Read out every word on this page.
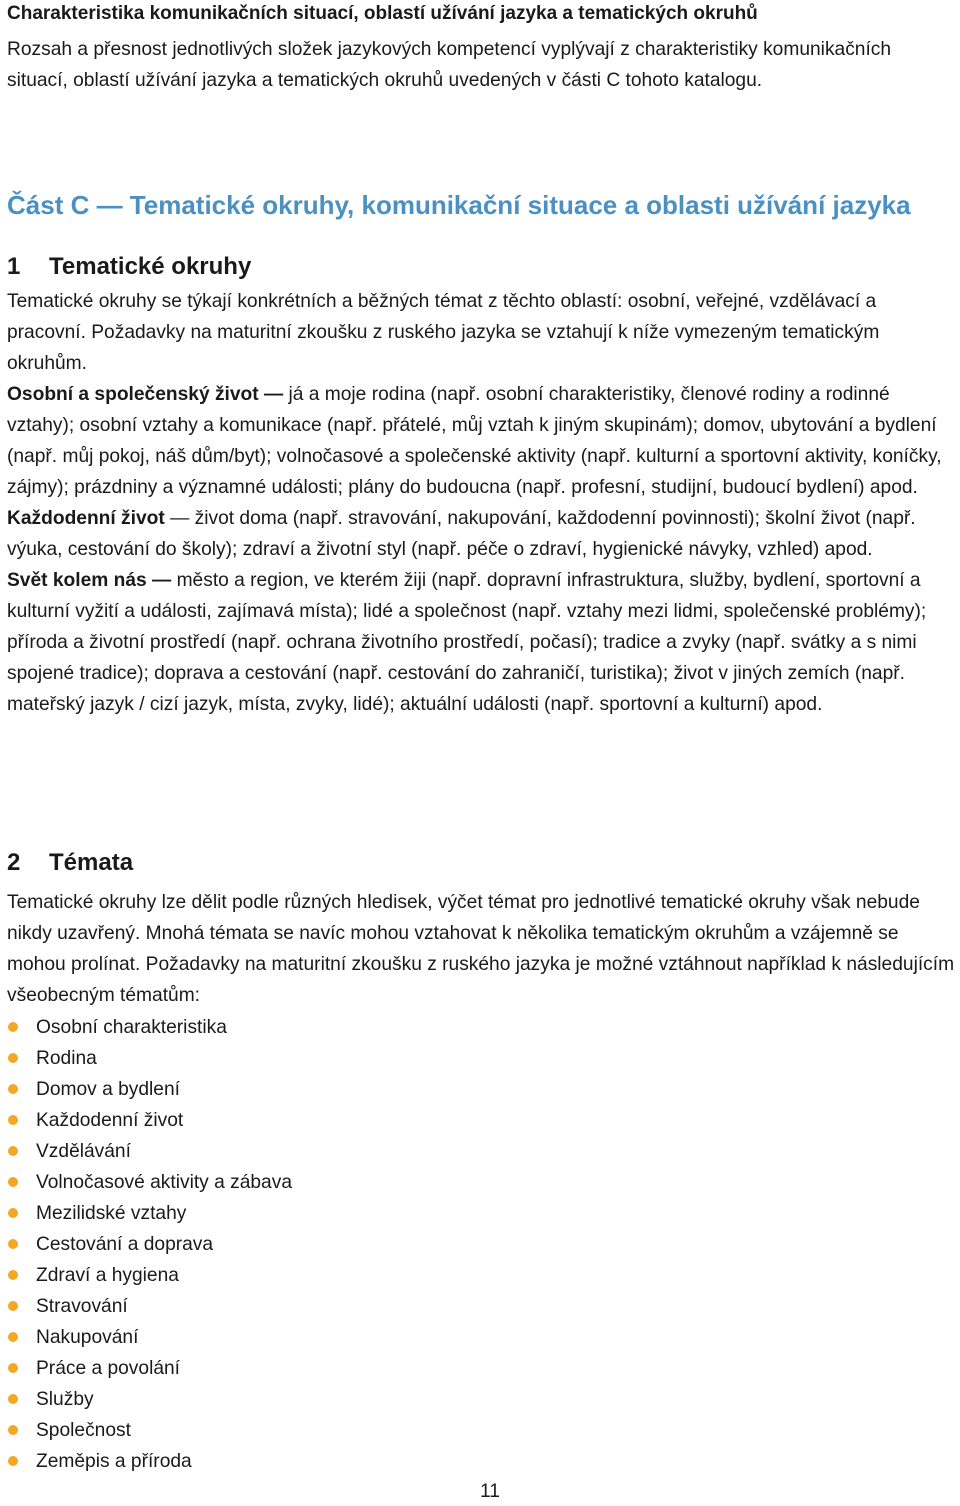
Charakteristika komunikačních situací, oblastí užívání jazyka a tematických okruhů

Rozsah a přesnost jednotlivých složek jazykových kompetencí vyplývají z charakteristiky komunikačních situací, oblastí užívání jazyka a tematických okruhů uvedených v části C tohoto katalogu.

Část C — Tematické okruhy, komunikační situace a oblasti užívání jazyka
1 Tematické okruhy

Tematické okruhy se týkají konkrétních a běžných témat z těchto oblastí: osobní, veřejné, vzdělávací a pracovní. Požadavky na maturitní zkoušku z ruského jazyka se vztahují k níže vymezeným tematickým okruhům.

Osobní a společenský život — já a moje rodina (např. osobní charakteristiky, členové rodiny a rodinné vztahy); osobní vztahy a komunikace (např. přátelé, můj vztah k jiným skupinám); domov, ubytování a bydlení (např. můj pokoj, náš dům/byt); volnočasové a společenské aktivity (např. kulturní a sportovní aktivity, koníčky, zájmy); prázdniny a významné události; plány do budoucna (např. profesní, studijní, budoucí bydlení) apod.

Každodenní život — život doma (např. stravování, nakupování, každodenní povinnosti); školní život (např. výuka, cestování do školy); zdraví a životní styl (např. péče o zdraví, hygienické návyky, vzhled) apod.

Svět kolem nás — město a region, ve kterém žiji (např. dopravní infrastruktura, služby, bydlení, sportovní a kulturní vyžití a události, zajímavá místa); lidé a společnost (např. vztahy mezi lidmi, společenské problémy); příroda a životní prostředí (např. ochrana životního prostředí, počasí); tradice a zvyky (např. svátky a s nimi spojené tradice); doprava a cestování (např. cestování do zahraničí, turistika); život v jiných zemích (např. mateřský jazyk / cizí jazyk, místa, zvyky, lidé); aktuální události (např. sportovní a kulturní) apod.

2 Témata

Tematické okruhy lze dělit podle různých hledisek, výčet témat pro jednotlivé tematické okruhy však nebude nikdy uzavřený. Mnohá témata se navíc mohou vztahovat k několika tematickým okruhům a vzájemně se mohou prolínat. Požadavky na maturitní zkoušku z ruského jazyka je možné vztáhnout například k následujícím všeobecným tématům:

Osobní charakteristika
Rodina
Domov a bydlení
Každodenní život
Vzdělávání
Volnočasové aktivity a zábava
Mezilidské vztahy
Cestování a doprava
Zdraví a hygiena
Stravování
Nakupování
Práce a povolání
Služby
Společnost
Zeměpis a příroda
11
